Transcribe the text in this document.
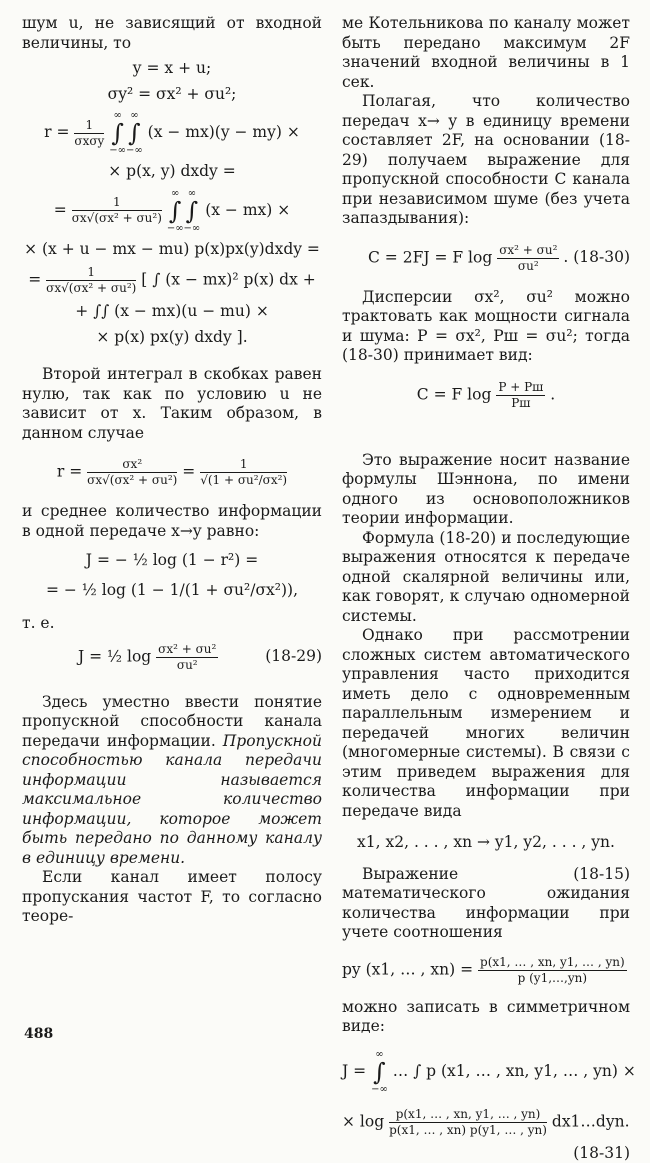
шум u, не зависящий от входной величины, то

y = x + u;
σy² = σx² + σu²;
$r = \frac{1}{\text{σxσy}}$

∞
∫
−∞
∞
∫
−∞
(x − mx)(y − my) ×
× p(x, y) dxdy =
= $\frac{1}{\text{σx√(σx² + σu²)}}$

∞
∫
−∞
∞
∫
−∞
(x − mx) ×
× (x + u − mx − mu) p(x)px(y)dxdy =
= $\frac{1}{\text{σx√(σx² + σu²)}}$ [ ∫ (x − mx)² p(x) dx +
+ ∫∫ (x − mx)(u − mu) ×
× p(x) px(y) dxdy ].

Второй интеграл в скобках равен нулю, так как по условию u не зависит от x. Таким образом, в данном случае

$r = \frac{\text{σx²}}{\text{σx√(σx² + σu²)}} = \frac{1}{\text{√(1 + σu²/σx²)}}$

и среднее количество информации в одной передаче x→y равно:

J = − ½ log (1 − r²) =
= − ½ log (1 − 1/(1 + σu²/σx²)),

т. е.

J = ½ $\log \frac{\text{σx² + σu²}}{\text{σu²}}$	(18-29)

Здесь уместно ввести понятие пропускной способности канала передачи информации. Пропускной способностью канала передачи информации называется максимальное количество информации, которое может быть передано по данному каналу в единицу времени.

Если канал имеет полосу пропускания частот F, то согласно теоре-

ме Котельникова по каналу может быть передано максимум 2F значений входной величины в 1 сек.

Полагая, что количество передач x→ y в единицу времени составляет 2F, на основании (18-29) получаем выражение для пропускной способности C канала при независимом шуме (без учета запаздывания):

C = 2FJ = F $\log \frac{\text{σx² + σu²}}{\text{σu²}}$ . (18-30)

Дисперсии σx², σu² можно трактовать как мощности сигнала и шума: P = σx², Pш = σu²; тогда (18-30) принимает вид:

C = F $\log \frac{P + Pш}{Pш}$ .

Это выражение носит название формулы Шэннона, по имени одного из основоположников теории информации.

Формула (18-20) и последующие выражения относятся к передаче одной скалярной величины или, как говорят, к случаю одномерной системы.

Однако при рассмотрении сложных систем автоматического управления часто приходится иметь дело с одновременным параллельным измерением и передачей многих величин (многомерные системы). В связи с этим приведем выражения для количества информации при передаче вида

x1, x2, . . . , xn → y1, y2, . . . , yn.

Выражение (18-15) математического ожидания количества информации при учете соотношения

py (x1, … , $xn) = \frac{p(x1, \dots , xn, y1, \dots , yn)}{p (y1,\dots,yn)}$

можно записать в симметричном виде:

J =
∞
∫
−∞
… ∫ p (x1, … , xn, y1, … , yn) ×
× $\log \frac{p(x1, \dots , xn, y1, \dots , yn)}{p(x1, \dots , xn) p(y1, \dots , yn)}$ dx1…dyn.
(18-31)
488
